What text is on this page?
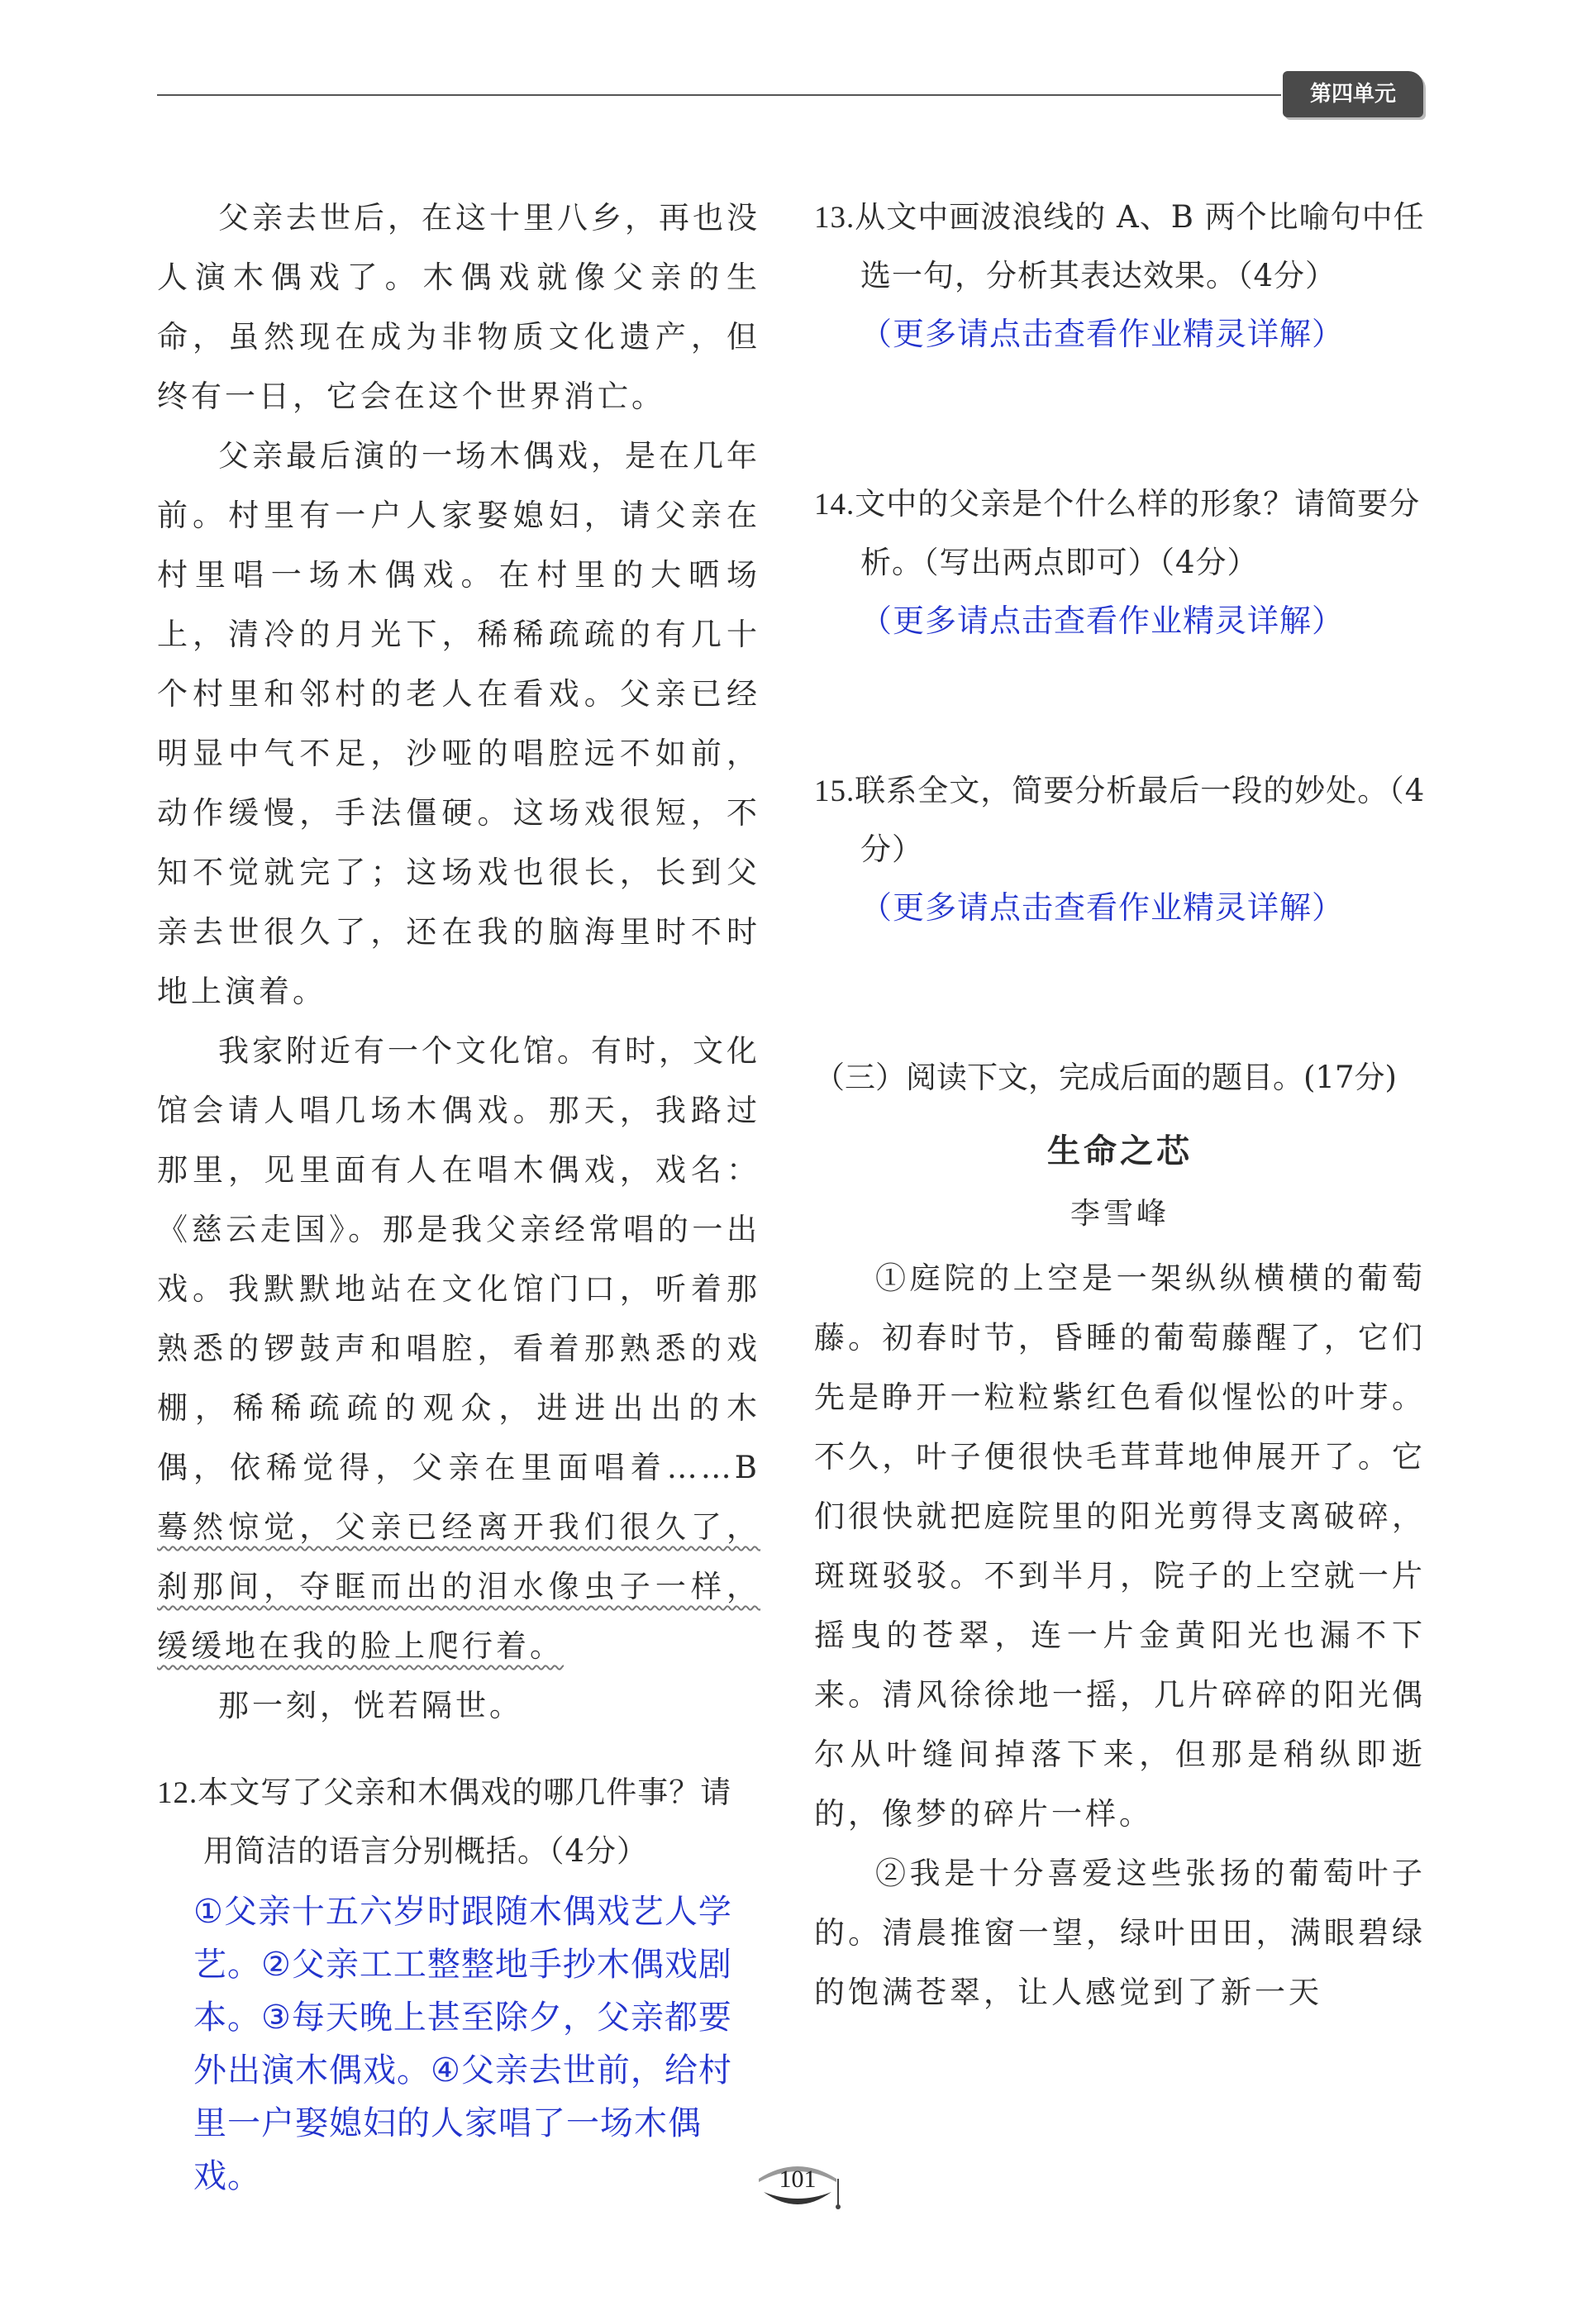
第四单元

父亲去世后，在这十里八乡，再也没人演木偶戏了。木偶戏就像父亲的生命，虽然现在成为非物质文化遗产，但终有一日，它会在这个世界消亡。

父亲最后演的一场木偶戏，是在几年前。村里有一户人家娶媳妇，请父亲在村里唱一场木偶戏。在村里的大晒场上，清冷的月光下，稀稀疏疏的有几十个村里和邻村的老人在看戏。父亲已经明显中气不足，沙哑的唱腔远不如前，动作缓慢，手法僵硬。这场戏很短，不知不觉就完了；这场戏也很长，长到父亲去世很久了，还在我的脑海里时不时地上演着。

我家附近有一个文化馆。有时，文化馆会请人唱几场木偶戏。那天，我路过那里，见里面有人在唱木偶戏，戏名：《慈云走国》。那是我父亲经常唱的一出戏。我默默地站在文化馆门口，听着那熟悉的锣鼓声和唱腔，看着那熟悉的戏棚，稀稀疏疏的观众，进进出出的木偶，依稀觉得，父亲在里面唱着……B 蓦然惊觉，父亲已经离开我们很久了，刹那间，夺眶而出的泪水像虫子一样，缓缓地在我的脸上爬行着。

那一刻，恍若隔世。

12.本文写了父亲和木偶戏的哪几件事？请用简洁的语言分别概括。（4分）

①父亲十五六岁时跟随木偶戏艺人学艺。②父亲工工整整地手抄木偶戏剧本。③每天晚上甚至除夕，父亲都要外出演木偶戏。④父亲去世前，给村里一户娶媳妇的人家唱了一场木偶戏。

13.从文中画波浪线的 A、B 两个比喻句中任选一句，分析其表达效果。（4分）

（更多请点击查看作业精灵详解）

14.文中的父亲是个什么样的形象？请简要分析。（写出两点即可）（4分）

（更多请点击查看作业精灵详解）

15.联系全文，简要分析最后一段的妙处。（4分）

（更多请点击查看作业精灵详解）

（三）阅读下文，完成后面的题目。(17分)

生命之芯

李雪峰

①庭院的上空是一架纵纵横横的葡萄藤。初春时节，昏睡的葡萄藤醒了，它们先是睁开一粒粒紫红色看似惺忪的叶芽。不久，叶子便很快毛茸茸地伸展开了。它们很快就把庭院里的阳光剪得支离破碎，斑斑驳驳。不到半月，院子的上空就一片摇曳的苍翠，连一片金黄阳光也漏不下来。清风徐徐地一摇，几片碎碎的阳光偶尔从叶缝间掉落下来，但那是稍纵即逝的，像梦的碎片一样。

②我是十分喜爱这些张扬的葡萄叶子的。清晨推窗一望，绿叶田田，满眼碧绿的饱满苍翠，让人感觉到了新一天

101
